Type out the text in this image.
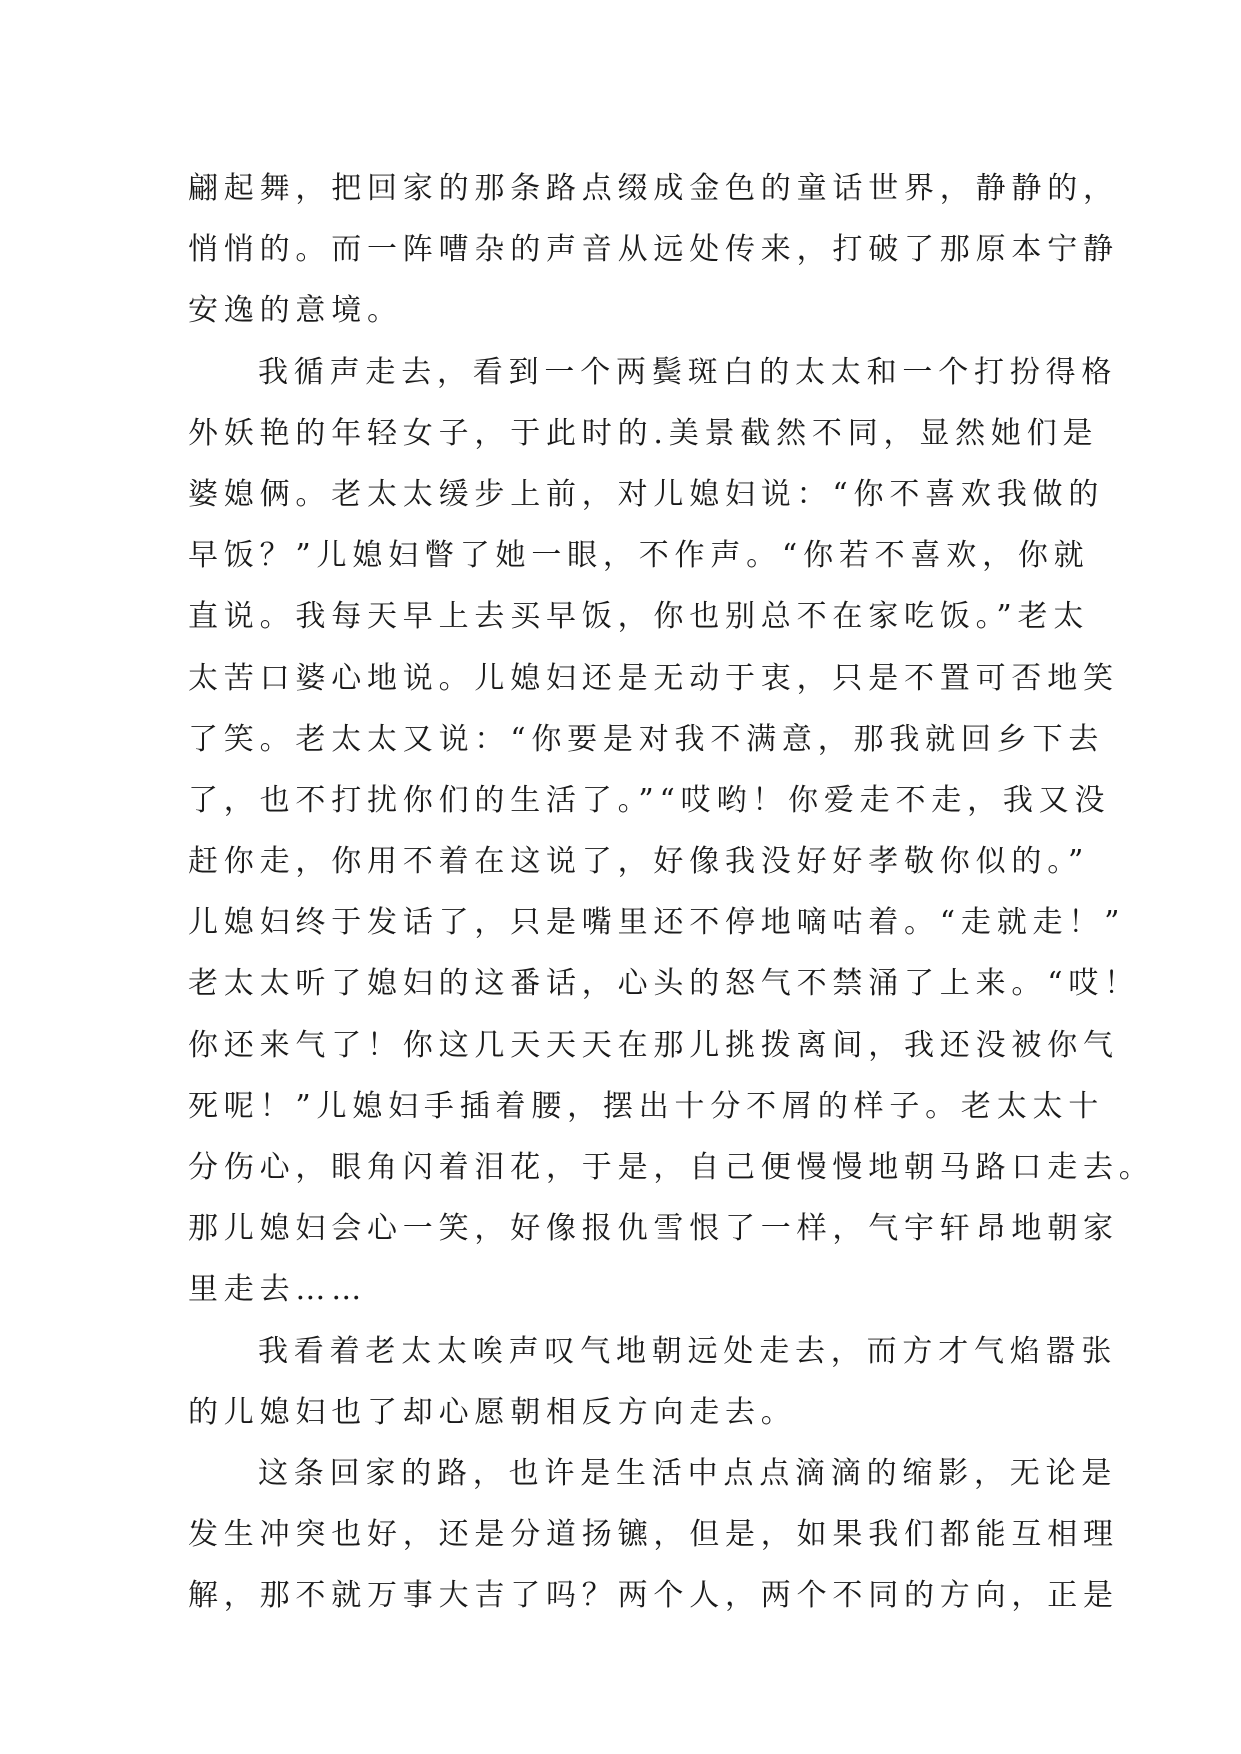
翩起舞，把回家的那条路点缀成金色的童话世界，静静的，
悄悄的。而一阵嘈杂的声音从远处传来，打破了那原本宁静
安逸的意境。
我循声走去，看到一个两鬓斑白的太太和一个打扮得格
外妖艳的年轻女子，于此时的.美景截然不同，显然她们是
婆媳俩。老太太缓步上前，对儿媳妇说：“你不喜欢我做的
早饭？”儿媳妇瞥了她一眼，不作声。“你若不喜欢，你就
直说。我每天早上去买早饭，你也别总不在家吃饭。”老太
太苦口婆心地说。儿媳妇还是无动于衷，只是不置可否地笑
了笑。老太太又说：“你要是对我不满意，那我就回乡下去
了，也不打扰你们的生活了。”“哎哟！你爱走不走，我又没
赶你走，你用不着在这说了，好像我没好好孝敬你似的。”
儿媳妇终于发话了，只是嘴里还不停地嘀咕着。“走就走！”
老太太听了媳妇的这番话，心头的怒气不禁涌了上来。“哎！
你还来气了！你这几天天天在那儿挑拨离间，我还没被你气
死呢！”儿媳妇手插着腰，摆出十分不屑的样子。老太太十
分伤心，眼角闪着泪花，于是，自己便慢慢地朝马路口走去。
那儿媳妇会心一笑，好像报仇雪恨了一样，气宇轩昂地朝家
里走去……
我看着老太太唉声叹气地朝远处走去，而方才气焰嚣张
的儿媳妇也了却心愿朝相反方向走去。
这条回家的路，也许是生活中点点滴滴的缩影，无论是
发生冲突也好，还是分道扬镳，但是，如果我们都能互相理
解，那不就万事大吉了吗？两个人，两个不同的方向，正是
